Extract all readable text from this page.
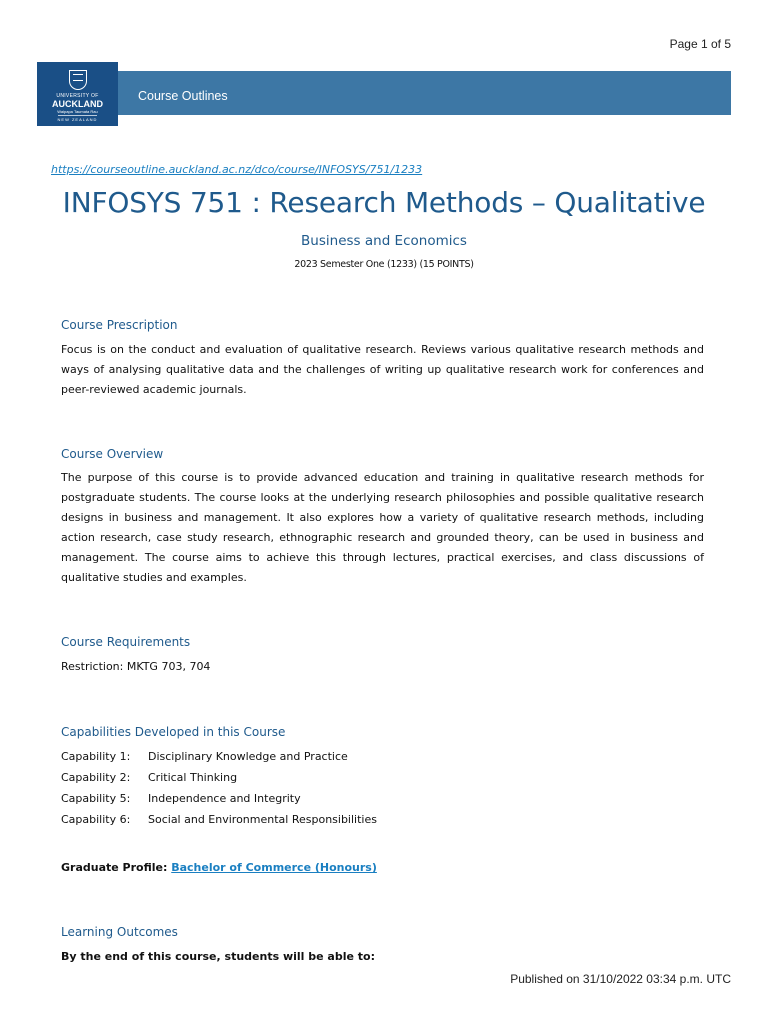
Page 1 of 5
UNIVERSITY OF
AUCKLAND
Waipapa Taumata Rau
NEW ZEALAND
Course Outlines
https://courseoutline.auckland.ac.nz/dco/course/INFOSYS/751/1233
INFOSYS 751 : Research Methods – Qualitative
Business and Economics
2023 Semester One (1233) (15 POINTS)
Course Prescription

Focus is on the conduct and evaluation of qualitative research. Reviews various qualitative research methods and ways of analysing qualitative data and the challenges of writing up qualitative research work for conferences and peer-reviewed academic journals.

Course Overview

The purpose of this course is to provide advanced education and training in qualitative research methods for postgraduate students. The course looks at the underlying research philosophies and possible qualitative research designs in business and management. It also explores how a variety of qualitative research methods, including action research, case study research, ethnographic research and grounded theory, can be used in business and management. The course aims to achieve this through lectures, practical exercises, and class discussions of qualitative studies and examples.

Course Requirements

Restriction: MKTG 703, 704

Capabilities Developed in this Course
Capability 1: Disciplinary Knowledge and Practice
Capability 2: Critical Thinking
Capability 5: Independence and Integrity
Capability 6: Social and Environmental Responsibilities
Graduate Profile: Bachelor of Commerce (Honours)
Learning Outcomes
By the end of this course, students will be able to:
Published on 31/10/2022 03:34 p.m. UTC
